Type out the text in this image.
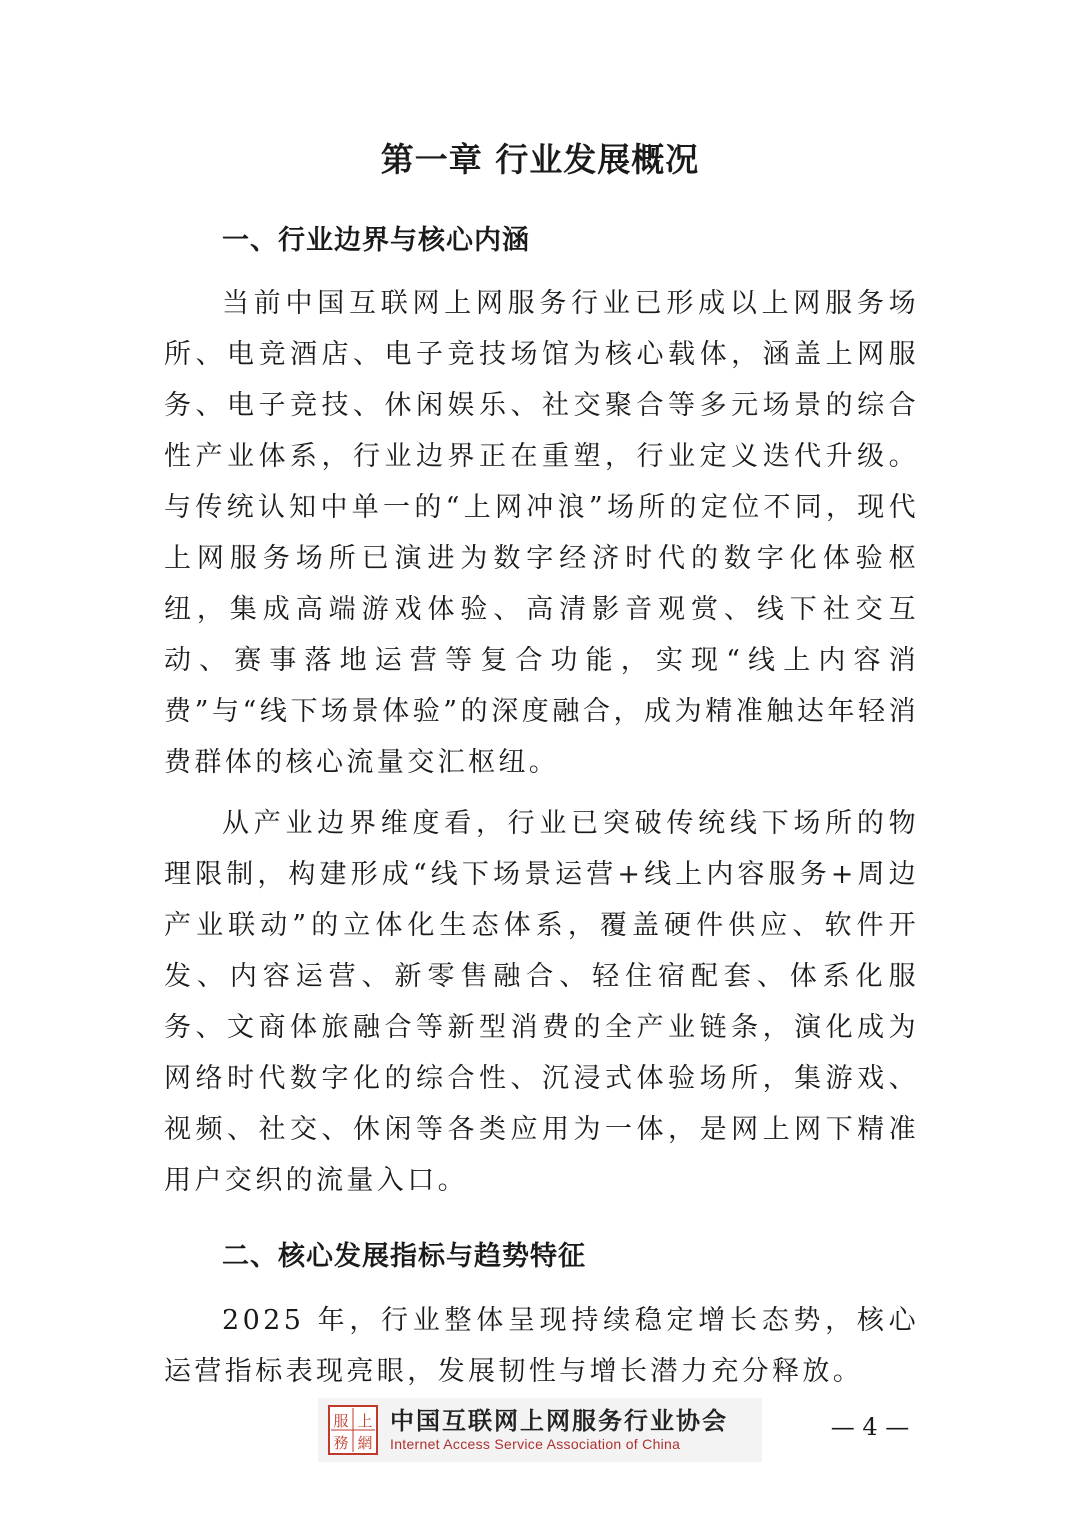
第一章 行业发展概况
一、行业边界与核心内涵

当前中国互联网上网服务行业已形成以上网服务场所、电竞酒店、电子竞技场馆为核心载体，涵盖上网服务、电子竞技、休闲娱乐、社交聚合等多元场景的综合性产业体系，行业边界正在重塑，行业定义迭代升级。与传统认知中单一的“上网冲浪”场所的定位不同，现代上网服务场所已演进为数字经济时代的数字化体验枢纽，集成高端游戏体验、高清影音观赏、线下社交互动、赛事落地运营等复合功能，实现“线上内容消费”与“线下场景体验”的深度融合，成为精准触达年轻消费群体的核心流量交汇枢纽。

从产业边界维度看，行业已突破传统线下场所的物理限制，构建形成“线下场景运营+线上内容服务+周边产业联动”的立体化生态体系，覆盖硬件供应、软件开发、内容运营、新零售融合、轻住宿配套、体系化服务、文商体旅融合等新型消费的全产业链条，演化成为网络时代数字化的综合性、沉浸式体验场所，集游戏、视频、社交、休闲等各类应用为一体，是网上网下精准用户交织的流量入口。

二、核心发展指标与趋势特征

2025 年，行业整体呈现持续稳定增长态势，核心运营指标表现亮眼，发展韧性与增长潜力充分释放。

服 上
務 網
中国互联网上网服务行业协会
Internet Access Service Association of China
— 4 —
